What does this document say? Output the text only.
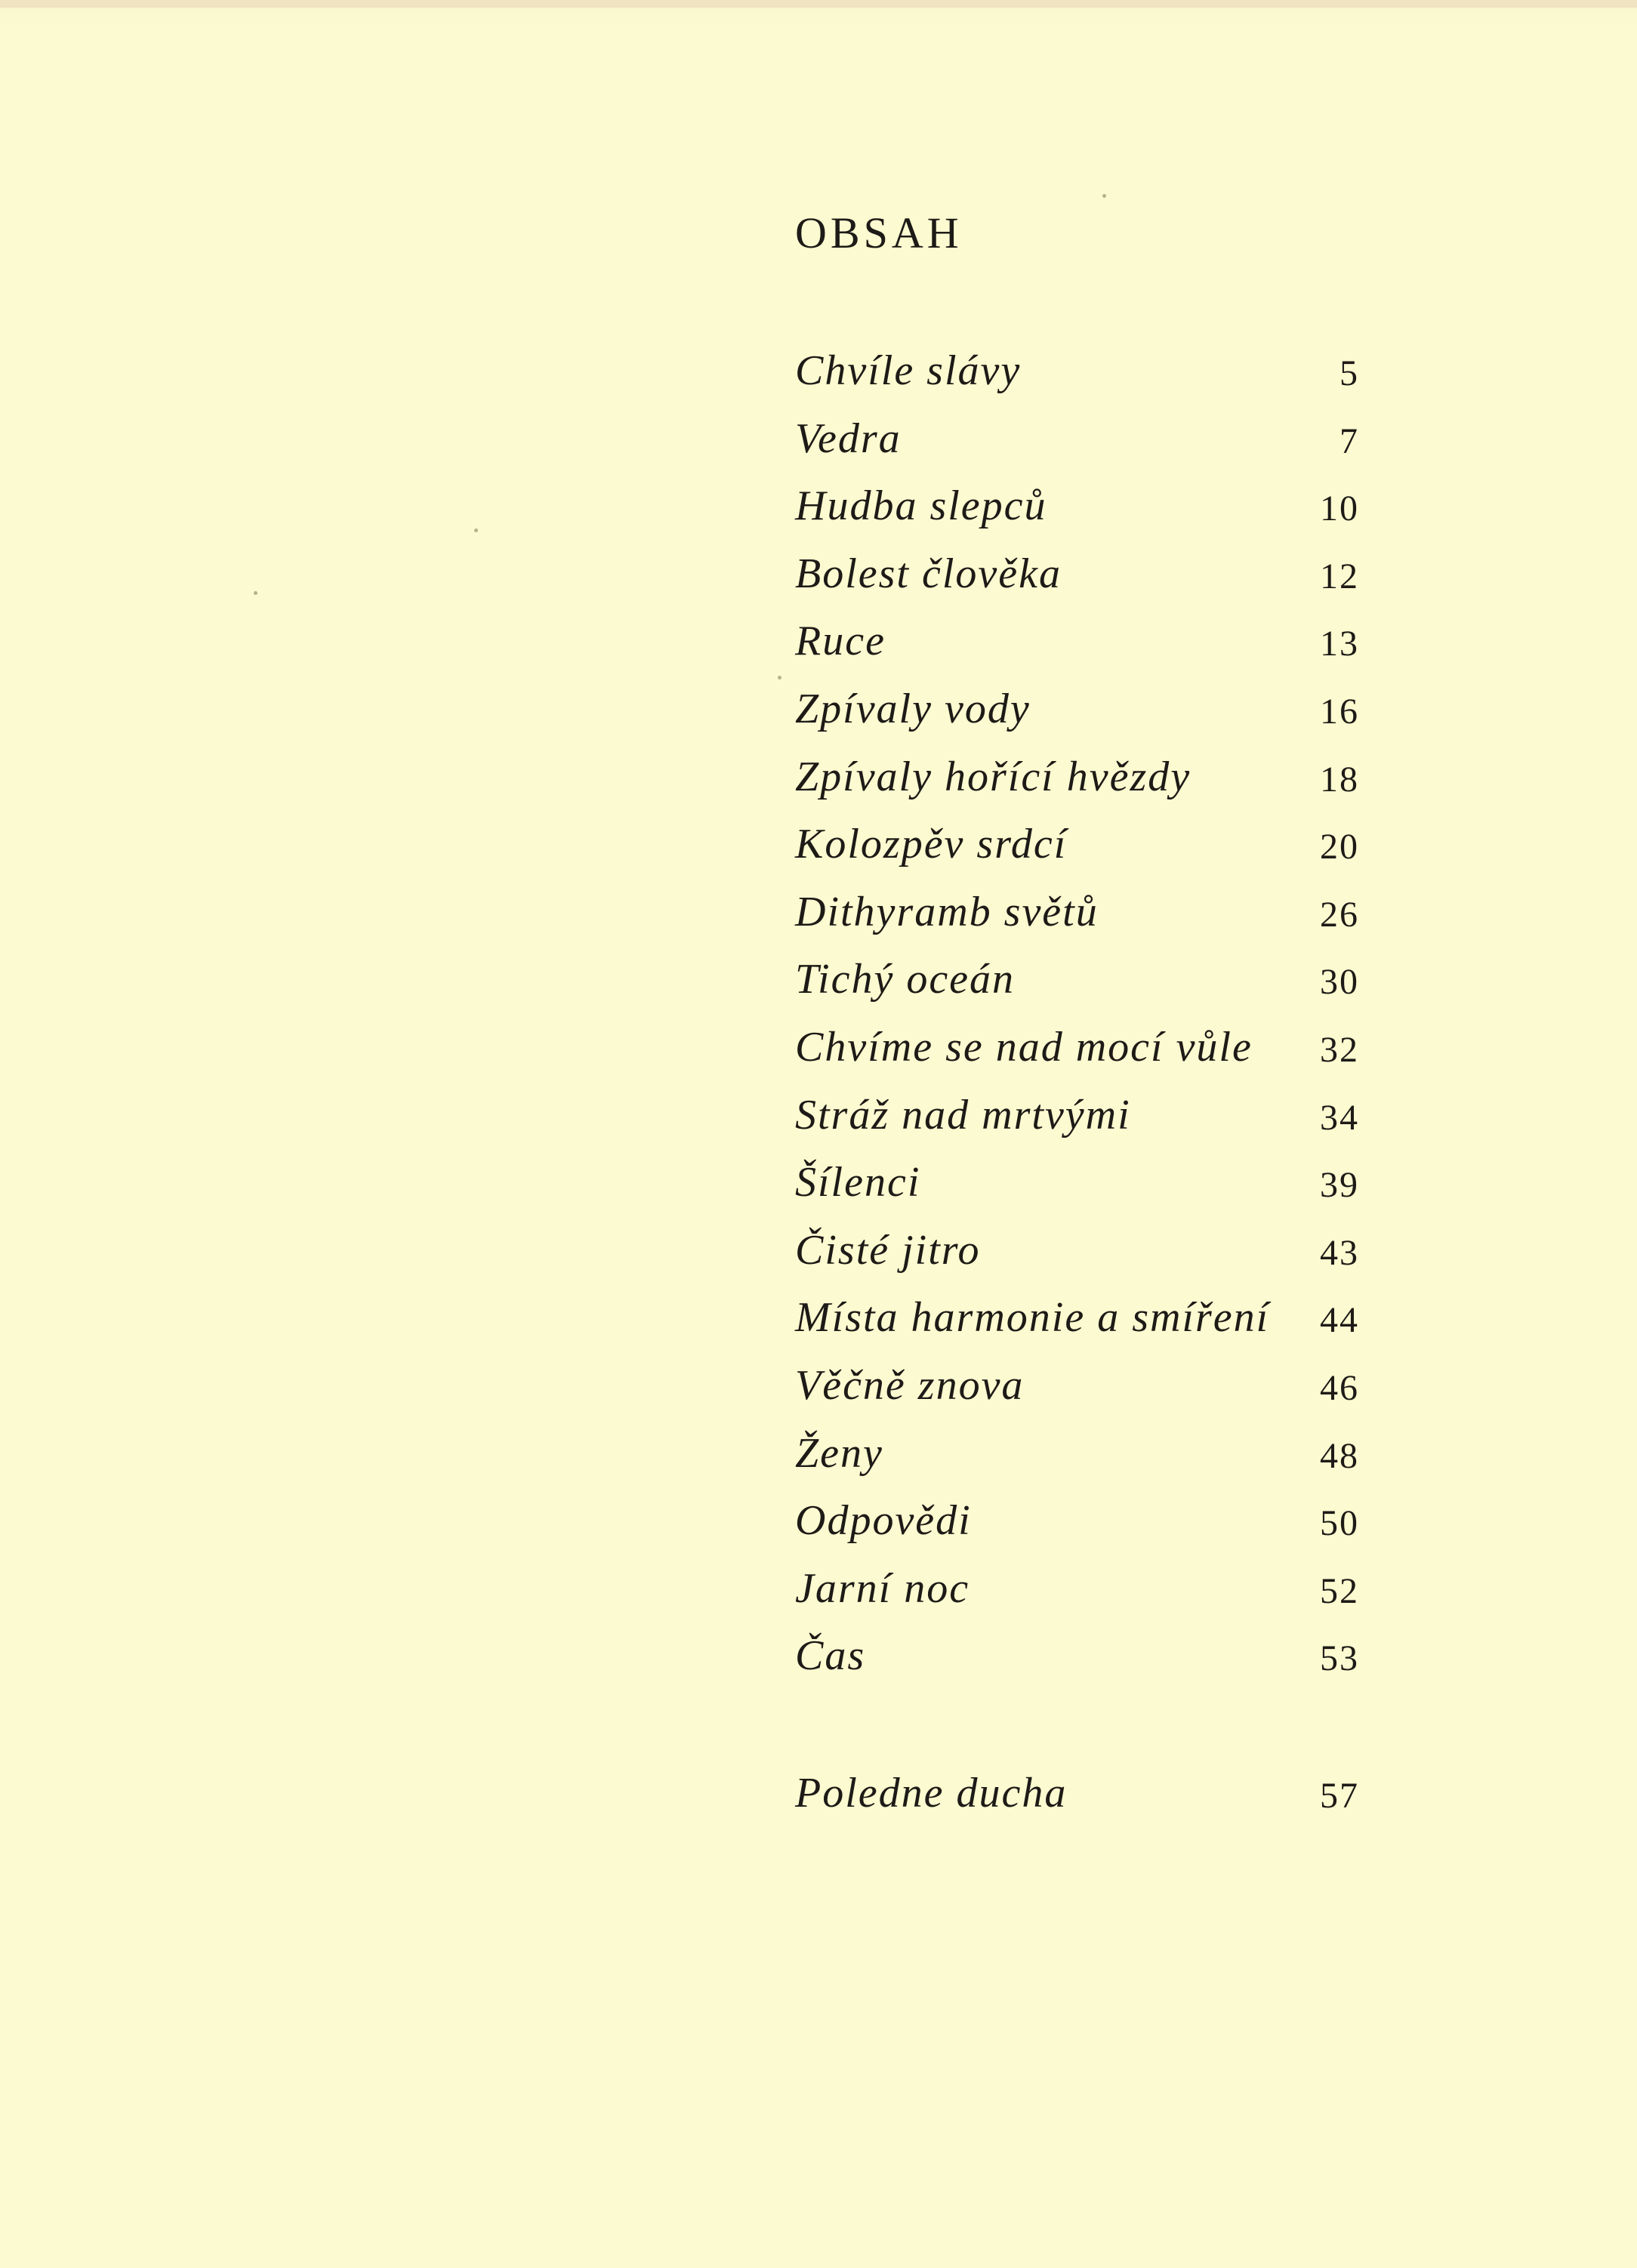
OBSAH
Chvíle slávy	5
Vedra	7
Hudba slepců	10
Bolest člověka	12
Ruce	13
Zpívaly vody	16
Zpívaly hořící hvězdy	18
Kolozpěv srdcí	20
Dithyramb světů	26
Tichý oceán	30
Chvíme se nad mocí vůle 32
Stráž nad mrtvými	34
Šílenci	39
Čisté jitro	43
Místa harmonie a smíření 44
Věčně znova	46
Ženy	48
Odpovědi	50
Jarní noc	52
Čas	53
Poledne ducha	57
